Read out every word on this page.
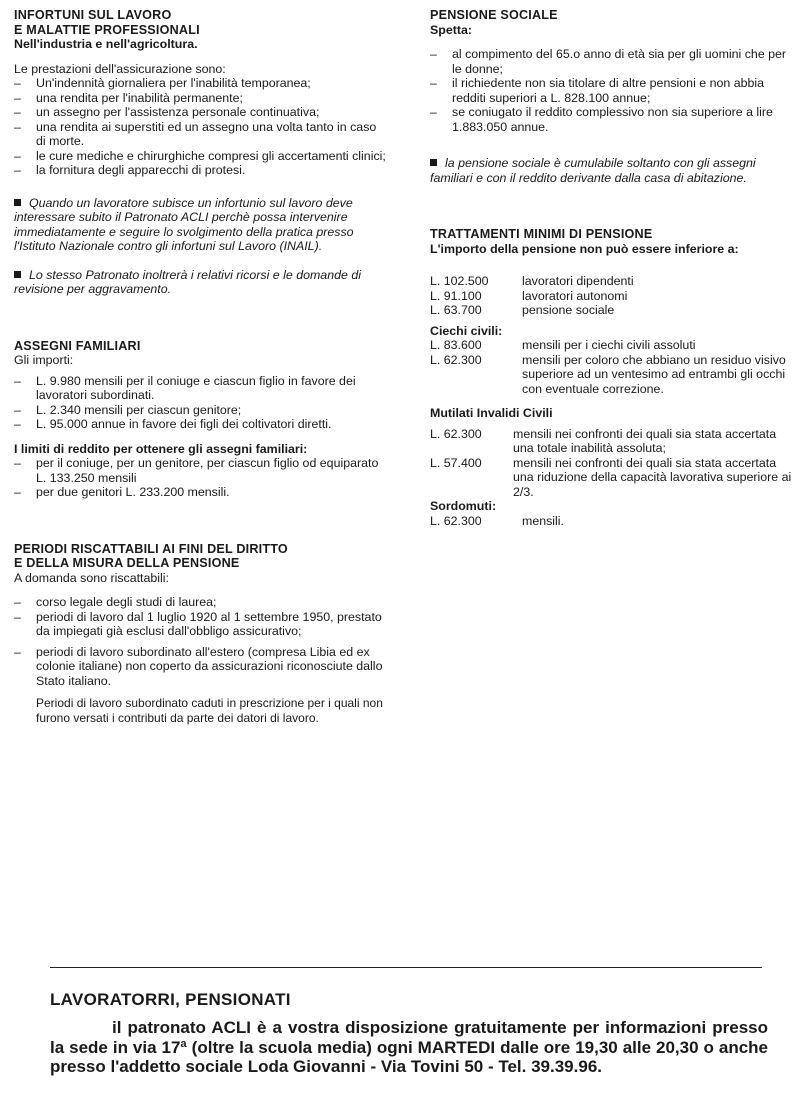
INFORTUNI SUL LAVORO

E MALATTIE PROFESSIONALI

Nell'industria e nell'agricoltura.

Le prestazioni dell'assicurazione sono:

– Un'indennità giornaliera per l'inabilità temporanea;
– una rendita per l'inabilità permanente;
– un assegno per l'assistenza personale continuativa;
– una rendita ai superstiti ed un assegno una volta tanto in caso di morte.
– le cure mediche e chirurghiche compresi gli accertamenti clinici;
– la fornitura degli apparecchi di protesi.

Quando un lavoratore subisce un infortunio sul lavoro deve interessare subito il Patronato ACLI perchè possa intervenire immediatamente e seguire lo svolgimento della pratica presso l'Istituto Nazionale contro gli infortuni sul Lavoro (INAIL).

Lo stesso Patronato inoltrerà i relativi ricorsi e le domande di revisione per aggravamento.

ASSEGNI FAMILIARI

Gli importi:

– L. 9.980 mensili per il coniuge e ciascun figlio in favore dei lavoratori subordinati.
– L. 2.340 mensili per ciascun genitore;
– L. 95.000 annue in favore dei figli dei coltivatori diretti.

I limiti di reddito per ottenere gli assegni familiari:

– per il coniuge, per un genitore, per ciascun figlio od equiparato L. 133.250 mensili
– per due genitori L. 233.200 mensili.

PERIODI RISCATTABILI AI FINI DEL DIRITTO

E DELLA MISURA DELLA PENSIONE

A domanda sono riscattabili:

– corso legale degli studi di laurea;
– periodi di lavoro dal 1 luglio 1920 al 1 settembre 1950, prestato da impiegati già esclusi dall'obbligo assicurativo;
– periodi di lavoro subordinato all'estero (compresa Libia ed ex colonie italiane) non coperto da assicurazioni riconosciute dallo Stato italiano.

Periodi di lavoro subordinato caduti in prescrizione per i quali non furono versati i contributi da parte dei datori di lavoro.

PENSIONE SOCIALE

Spetta:

– al compimento del 65.o anno di età sia per gli uomini che per le donne;
– il richiedente non sia titolare di altre pensioni e non abbia redditi superiori a L. 828.100 annue;
– se coniugato il reddito complessivo non sia superiore a lire 1.883.050 annue.

la pensione sociale è cumulabile soltanto con gli assegni familiari e con il reddito derivante dalla casa di abitazione.

TRATTAMENTI MINIMI DI PENSIONE

L'importo della pensione non può essere inferiore a:

L. 102.500	lavoratori dipendenti
L. 91.100	lavoratori autonomi
L. 63.700	pensione sociale

Ciechi civili:

L. 83.600	mensili per i ciechi civili assoluti
L. 62.300	mensili per coloro che abbiano un residuo visivo superiore ad un ventesimo ad entrambi gli occhi con eventuale correzione.

Mutilati Invalidi Civili

L. 62.300	mensili nei confronti dei quali sia stata accertata una totale inabilità assoluta;
L. 57.400	mensili nei confronti dei quali sia stata accertata una riduzione della capacità lavorativa superiore ai 2/3.

Sordomuti:

L. 62.300	mensili.

LAVORATORRI, PENSIONATI

il patronato ACLI è a vostra disposizione gratuitamente per informazioni presso la sede in via 17ª (oltre la scuola media) ogni MARTEDI dalle ore 19,30 alle 20,30 o anche presso l'addetto sociale Loda Giovanni - Via Tovini 50 - Tel. 39.39.96.
